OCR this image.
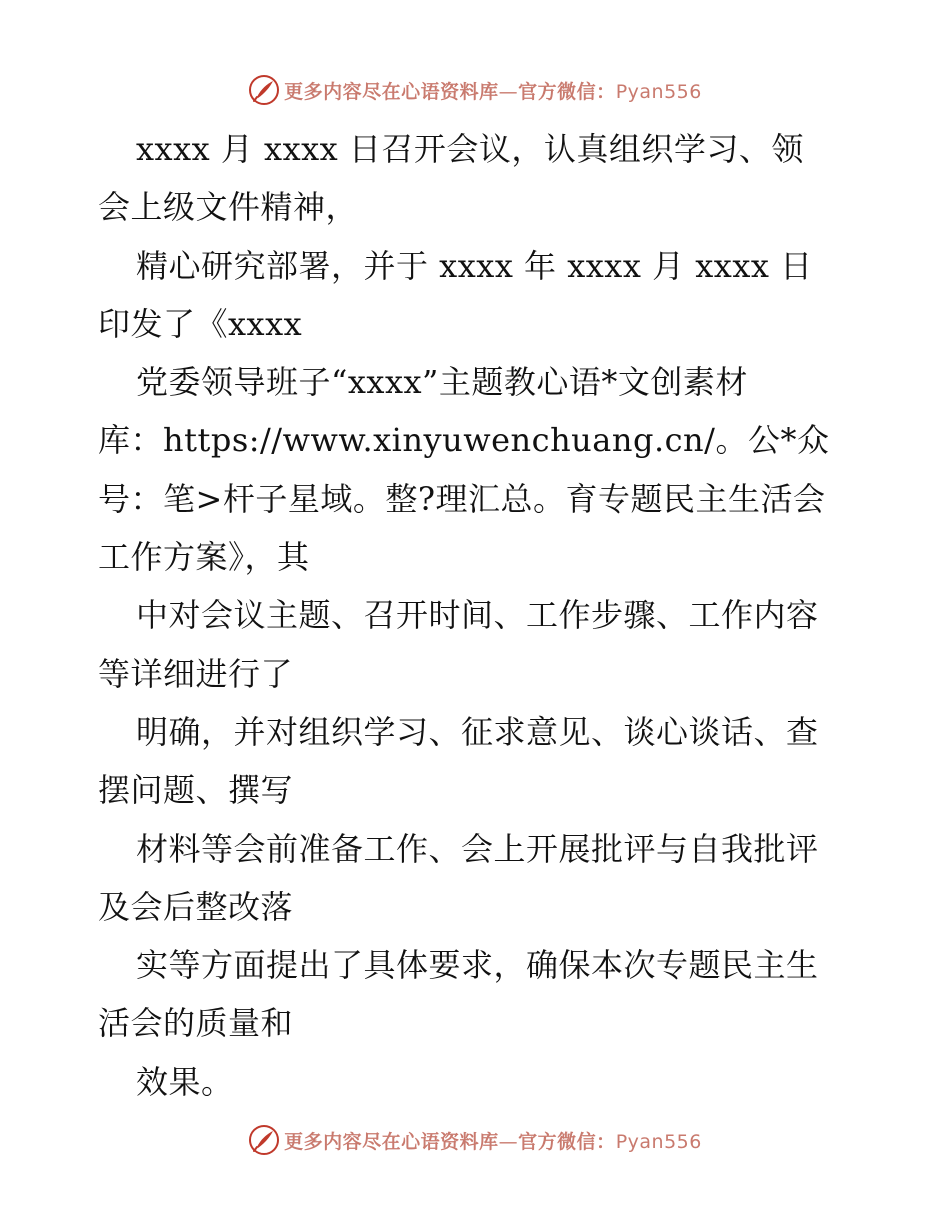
更多内容尽在心语资料库—官方微信：Pyan556
xxxx 月 xxxx 日召开会议，认真组织学习、领
会上级文件精神，
精心研究部署，并于 xxxx 年 xxxx 月 xxxx 日
印发了《xxxx
党委领导班子“xxxx”主题教心语*文创素材
库：https://www.xinyuwenchuang.cn/。公*众
号：笔>杆子星域。整?理汇总。育专题民主生活会
工作方案》，其
中对会议主题、召开时间、工作步骤、工作内容
等详细进行了
明确，并对组织学习、征求意见、谈心谈话、查
摆问题、撰写
材料等会前准备工作、会上开展批评与自我批评
及会后整改落
实等方面提出了具体要求，确保本次专题民主生
活会的质量和
效果。
更多内容尽在心语资料库—官方微信：Pyan556
